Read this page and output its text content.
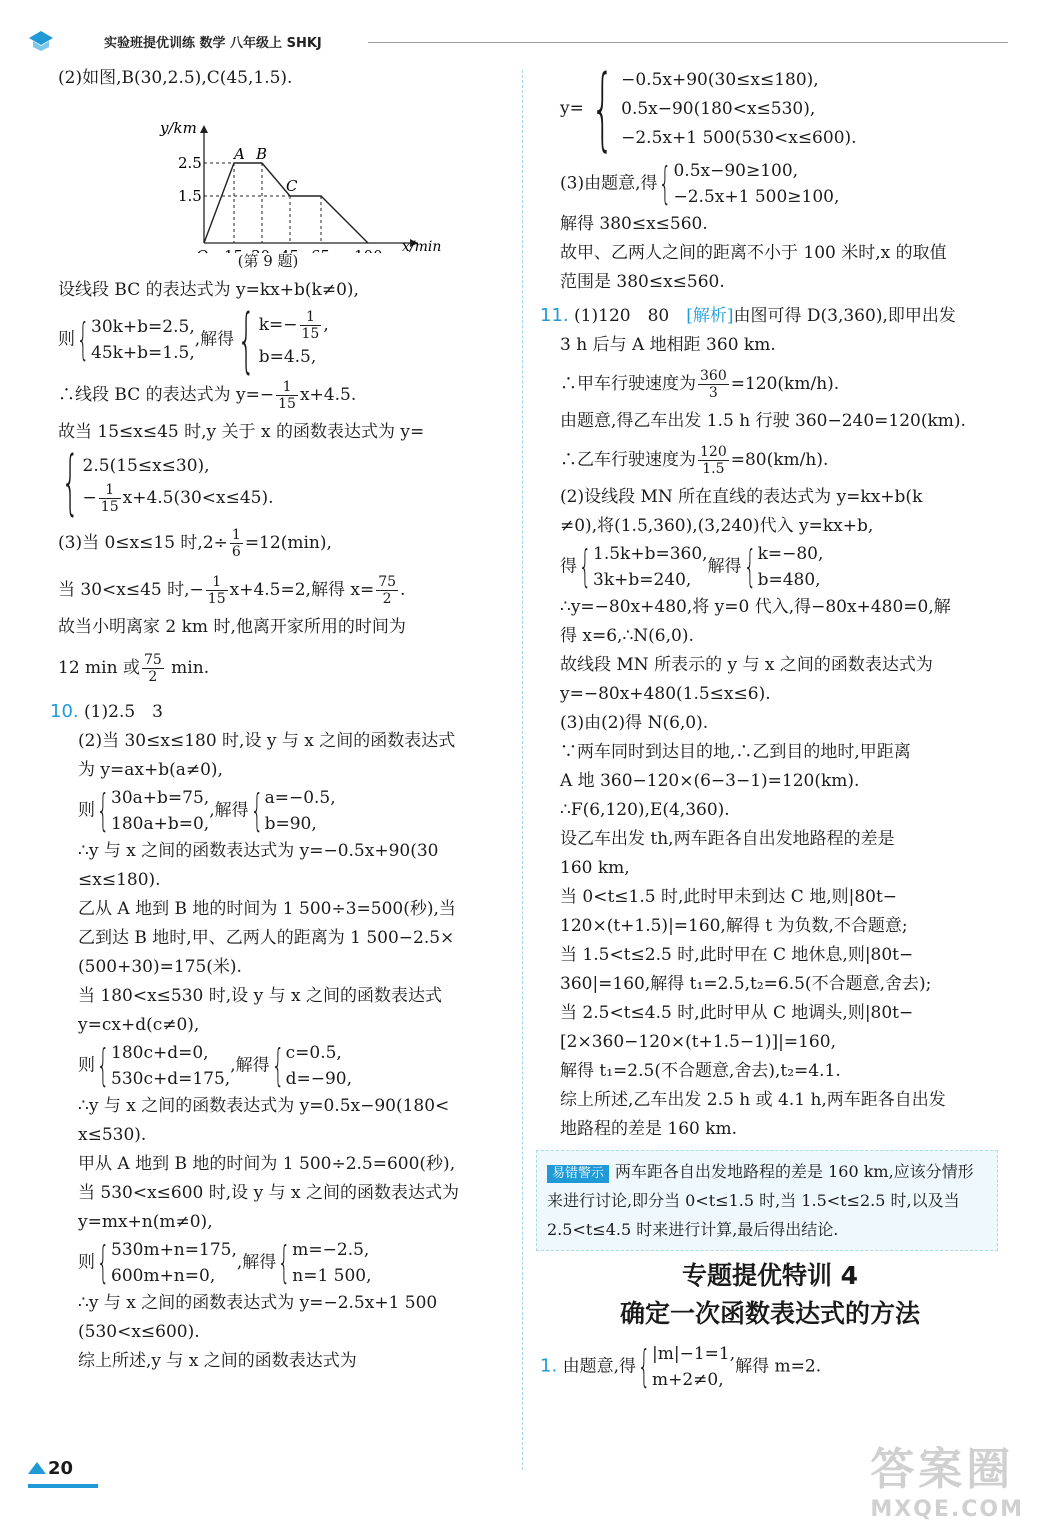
实验班提优训练 数学 八年级上 SHKJ
(2)如图,B(30,2.5),C(45,1.5).
y/km
x/min
2.5
1.5
A B
C
(第 9 题)
设线段 BC 的表达式为 y=kx+b(k≠0),
则 { 30k+b=2.5,
45k+b=1.5,
,解得 { $k=- \frac{1}{15}$ ,
b=4.5,
∴线段 BC 的表达式为 $y=- \frac{1}{15} x+4.5$.
故当 15≤x≤45 时,y 关于 x 的函数表达式为 y=
{ 2.5(15≤x≤30),
− $\frac{1}{15} x+4.5(30<x\le 45)$.
(3)当 0≤x≤15 时$,2\div \frac{1}{6} =12(\min)$,
当 30<x≤45 时,− $\frac{1}{15} x+4.5=2$,解得 $x= \frac{75}{2}$ .
故当小明离家 2 km 时,他离开家所用的时间为
12 min 或 $\frac{75}{2} \min$.
10. (1)2.5　3
(2)当 30≤x≤180 时,设 y 与 x 之间的函数表达式
为 y=ax+b(a≠0),
则 { 30a+b=75,
180a+b=0,
,解得 { a=−0.5,
b=90,
∴y 与 x 之间的函数表达式为 y=−0.5x+90(30
≤x≤180).
乙从 A 地到 B 地的时间为 1 500÷3=500(秒),当
乙到达 B 地时,甲、乙两人的距离为 1 500−2.5×
(500+30)=175(米).
当 180<x≤530 时,设 y 与 x 之间的函数表达式
y=cx+d(c≠0),
则 { 180c+d=0,
530c+d=175,
,解得 { c=0.5,
d=−90,
∴y 与 x 之间的函数表达式为 y=0.5x−90(180<
x≤530).
甲从 A 地到 B 地的时间为 1 500÷2.5=600(秒),
当 530<x≤600 时,设 y 与 x 之间的函数表达式为
y=mx+n(m≠0),
则 { 530m+n=175,
600m+n=0,
,解得 { m=−2.5,
n=1 500,
∴y 与 x 之间的函数表达式为 y=−2.5x+1 500
(530<x≤600).
综上所述,y 与 x 之间的函数表达式为
y= { −0.5x+90(30≤x≤180),
0.5x−90(180<x≤530),
−2.5x+1 500(530<x≤600).
(3)由题意,得 { 0.5x−90≥100,
−2.5x+1 500≥100,
解得 380≤x≤560.
故甲、乙两人之间的距离不小于 100 米时,x 的取值
范围是 380≤x≤560.
11. (1)120　80　[解析]由图可得 D(3,360),即甲出发
3 h 后与 A 地相距 360 km.
∴甲车行驶速度为 $\frac{360}{3} =120(km/h)$.
由题意,得乙车出发 1.5 h 行驶 360−240=120(km).
∴乙车行驶速度为 $\frac{120}{1.5} =80(km/h)$.
(2)设线段 MN 所在直线的表达式为 y=kx+b(k
≠0),将(1.5,360),(3,240)代入 y=kx+b,
得 { 1.5k+b=360,
3k+b=240,
解得 { k=−80,
b=480,
∴y=−80x+480,将 y=0 代入,得−80x+480=0,解
得 x=6,∴N(6,0).
故线段 MN 所表示的 y 与 x 之间的函数表达式为
y=−80x+480(1.5≤x≤6).
(3)由(2)得 N(6,0).
∵两车同时到达目的地,∴乙到目的地时,甲距离
A 地 360−120×(6−3−1)=120(km).
∴F(6,120),E(4,360).
设乙车出发 th,两车距各自出发地路程的差是
160 km,
当 0<t≤1.5 时,此时甲未到达 C 地,则|80t−
120×(t+1.5)|=160,解得 t 为负数,不合题意;
当 1.5<t≤2.5 时,此时甲在 C 地休息,则|80t−
360|=160,解得 t₁=2.5,t₂=6.5(不合题意,舍去);
当 2.5<t≤4.5 时,此时甲从 C 地调头,则|80t−
[2×360−120×(t+1.5−1)]|=160,
解得 t₁=2.5(不合题意,舍去),t₂=4.1.
综上所述,乙车出发 2.5 h 或 4.1 h,两车距各自出发
地路程的差是 160 km.
易错警示 两车距各自出发地路程的差是 160 km,应该分情形来进行讨论,即分当 0<t≤1.5 时,当 1.5<t≤2.5 时,以及当 2.5<t≤4.5 时来进行计算,最后得出结论.
专题提优特训 4
确定一次函数表达式的方法
1. 由题意,得 { |m|−1=1,
m+2≠0,
解得 m=2.
20	答案圈
MXQE.COM
